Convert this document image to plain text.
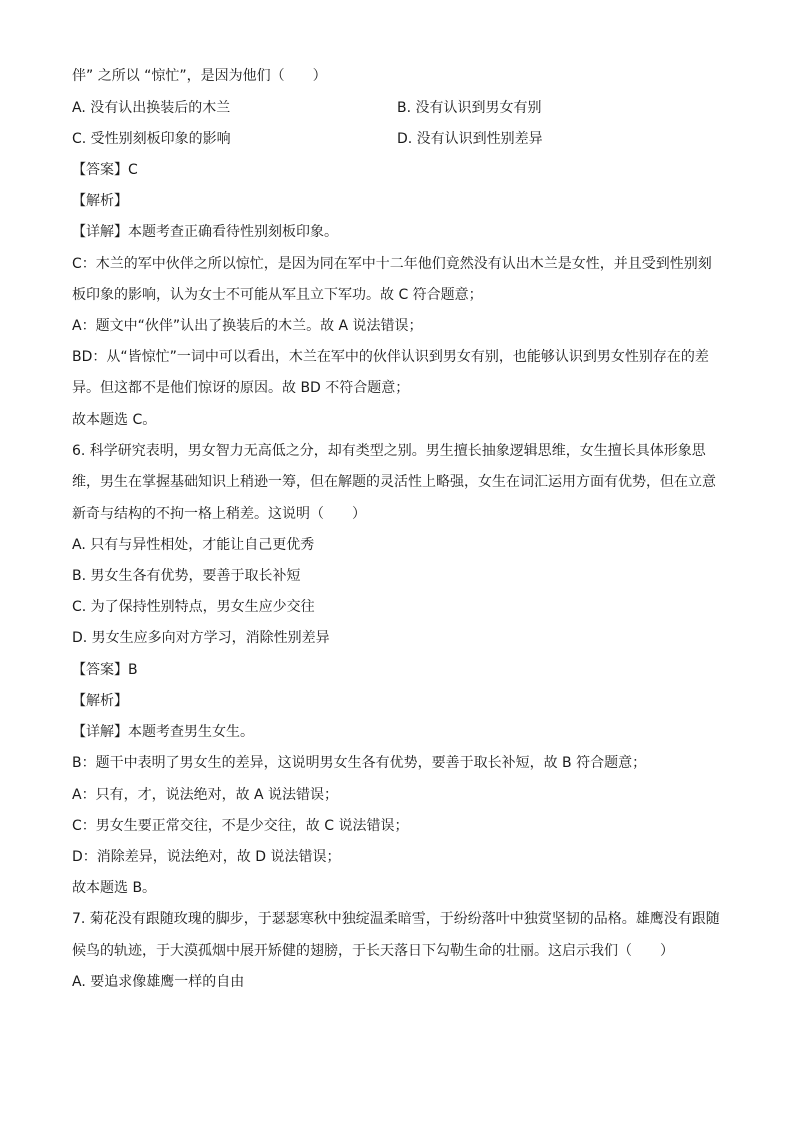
伴” 之所以 “惊忙”，是因为他们（　　）
A. 没有认出换装后的木兰	B. 没有认识到男女有别
C. 受性别刻板印象的影响	D. 没有认识到性别差异
【答案】C
【解析】
【详解】本题考查正确看待性别刻板印象。
C：木兰的军中伙伴之所以惊忙，是因为同在军中十二年他们竟然没有认出木兰是女性，并且受到性别刻
板印象的影响，认为女士不可能从军且立下军功。故 C 符合题意；
A：题文中“伙伴”认出了换装后的木兰。故 A 说法错误；
BD：从“皆惊忙”一词中可以看出，木兰在军中的伙伴认识到男女有别，也能够认识到男女性别存在的差
异。但这都不是他们惊讶的原因。故 BD 不符合题意；
故本题选 C。
6. 科学研究表明，男女智力无高低之分，却有类型之别。男生擅长抽象逻辑思维，女生擅长具体形象思
维，男生在掌握基础知识上稍逊一筹，但在解题的灵活性上略强，女生在词汇运用方面有优势，但在立意
新奇与结构的不拘一格上稍差。这说明（　　）
A. 只有与异性相处，才能让自己更优秀
B. 男女生各有优势，要善于取长补短
C. 为了保持性别特点，男女生应少交往
D. 男女生应多向对方学习，消除性别差异
【答案】B
【解析】
【详解】本题考查男生女生。
B：题干中表明了男女生的差异，这说明男女生各有优势，要善于取长补短，故 B 符合题意；
A：只有，才，说法绝对，故 A 说法错误；
C：男女生要正常交往，不是少交往，故 C 说法错误；
D：消除差异，说法绝对，故 D 说法错误；
故本题选 B。
7. 菊花没有跟随玫瑰的脚步，于瑟瑟寒秋中独绽温柔暗雪，于纷纷落叶中独赏坚韧的品格。雄鹰没有跟随
候鸟的轨迹，于大漠孤烟中展开矫健的翅膀，于长天落日下勾勒生命的壮丽。这启示我们（　　）
A. 要追求像雄鹰一样的自由
